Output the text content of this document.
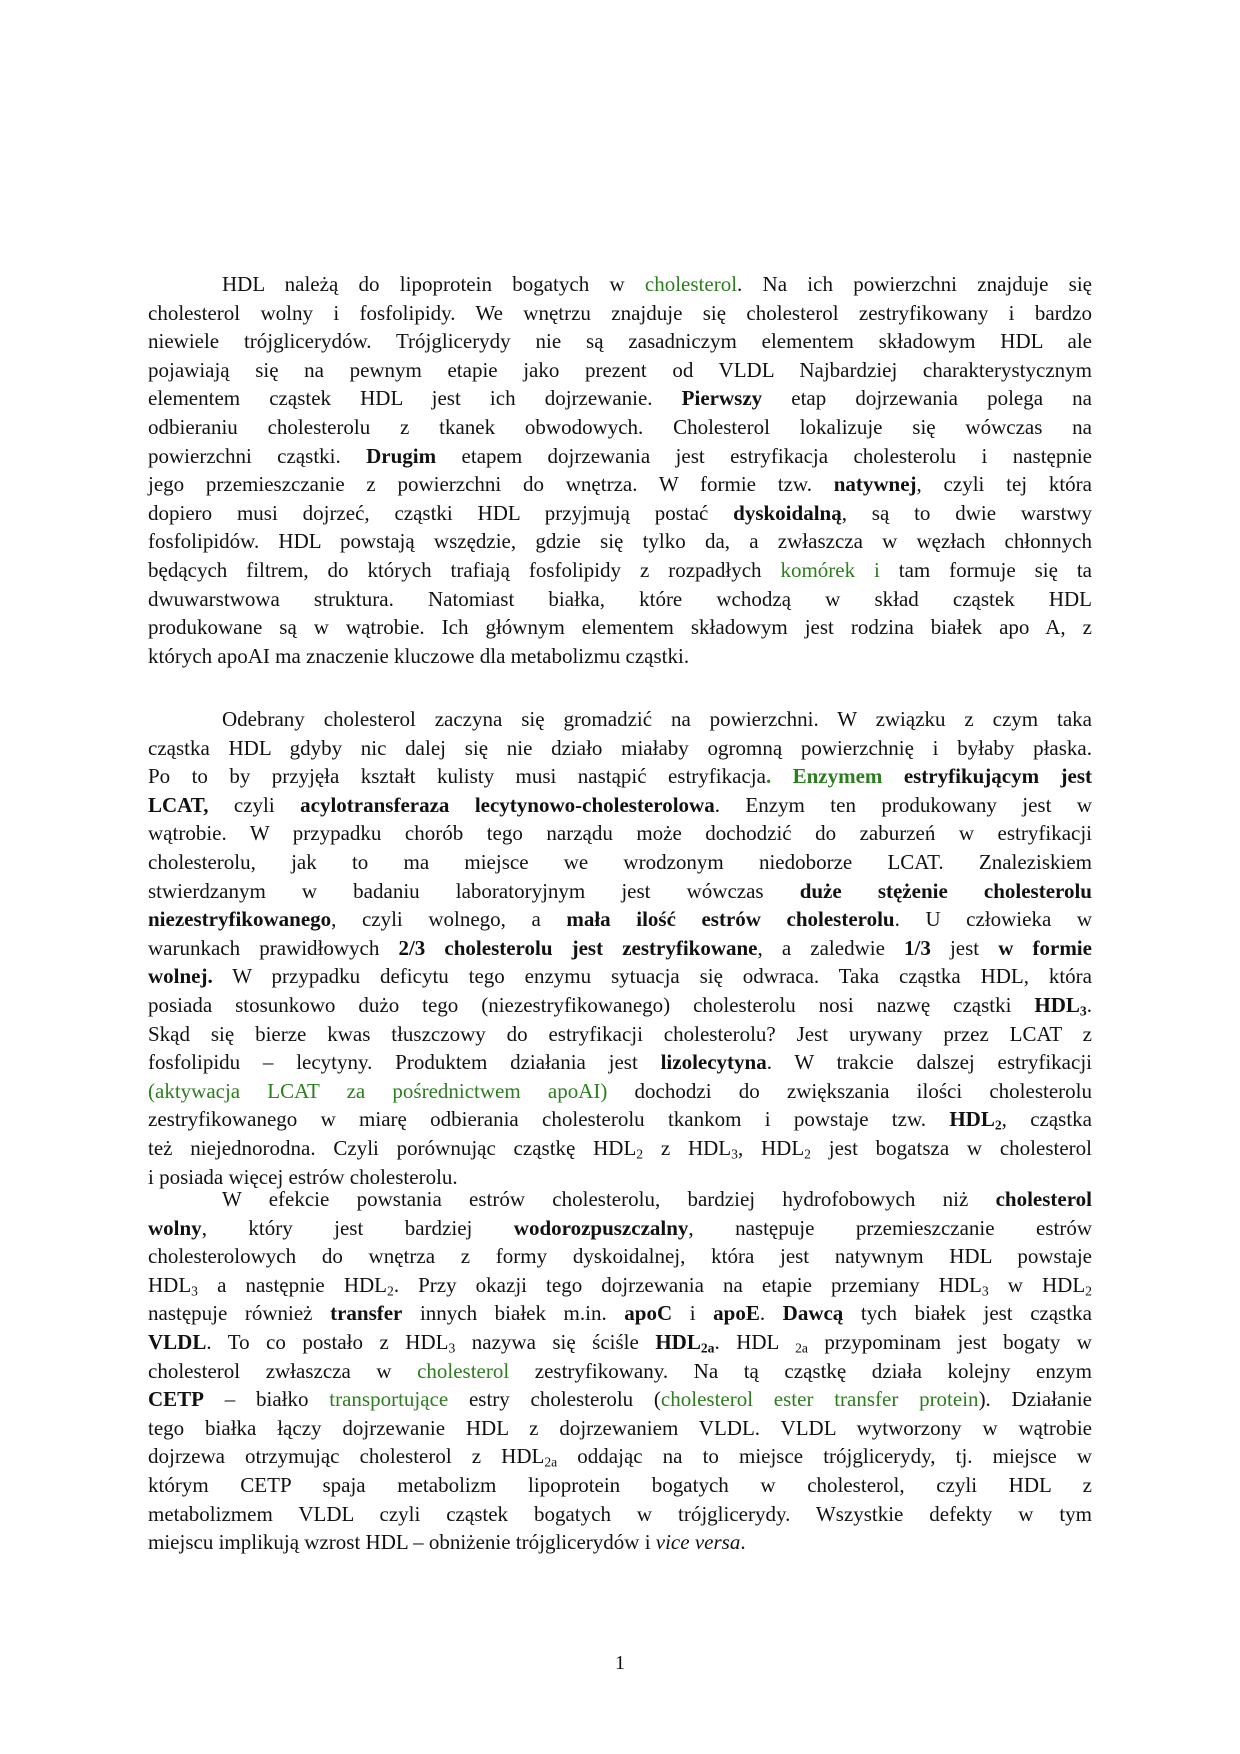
HDL należą do lipoprotein bogatych w cholesterol. Na ich powierzchni znajduje się
cholesterol wolny i fosfolipidy. We wnętrzu znajduje się cholesterol zestryfikowany i bardzo
niewiele trójglicerydów. Trójglicerydy nie są zasadniczym elementem składowym HDL ale
pojawiają się na pewnym etapie jako prezent od VLDL Najbardziej charakterystycznym
elementem cząstek HDL jest ich dojrzewanie. Pierwszy etap dojrzewania polega na
odbieraniu cholesterolu z tkanek obwodowych. Cholesterol lokalizuje się wówczas na
powierzchni cząstki. Drugim etapem dojrzewania jest estryfikacja cholesterolu i następnie
jego przemieszczanie z powierzchni do wnętrza. W formie tzw. natywnej, czyli tej która
dopiero musi dojrzeć, cząstki HDL przyjmują postać dyskoidalną, są to dwie warstwy
fosfolipidów. HDL powstają wszędzie, gdzie się tylko da, a zwłaszcza w węzłach chłonnych
będących filtrem, do których trafiają fosfolipidy z rozpadłych komórek i tam formuje się ta
dwuwarstwowa struktura. Natomiast białka, które wchodzą w skład cząstek HDL
produkowane są w wątrobie. Ich głównym elementem składowym jest rodzina białek apo A, z
których apoAI ma znaczenie kluczowe dla metabolizmu cząstki.
Odebrany cholesterol zaczyna się gromadzić na powierzchni. W związku z czym taka
cząstka HDL gdyby nic dalej się nie działo miałaby ogromną powierzchnię i byłaby płaska.
Po to by przyjęła kształt kulisty musi nastąpić estryfikacja. Enzymem estryfikującym jest
LCAT, czyli acylotransferaza lecytynowo-cholesterolowa. Enzym ten produkowany jest w
wątrobie. W przypadku chorób tego narządu może dochodzić do zaburzeń w estryfikacji
cholesterolu, jak to ma miejsce we wrodzonym niedoborze LCAT. Znaleziskiem
stwierdzanym w badaniu laboratoryjnym jest wówczas duże stężenie cholesterolu
niezestryfikowanego, czyli wolnego, a mała ilość estrów cholesterolu. U człowieka w
warunkach prawidłowych 2/3 cholesterolu jest zestryfikowane, a zaledwie 1/3 jest w formie
wolnej. W przypadku deficytu tego enzymu sytuacja się odwraca. Taka cząstka HDL, która
posiada stosunkowo dużo tego (niezestryfikowanego) cholesterolu nosi nazwę cząstki $HDL_3$.
Skąd się bierze kwas tłuszczowy do estryfikacji cholesterolu? Jest urywany przez LCAT z
fosfolipidu – lecytyny. Produktem działania jest lizolecytyna. W trakcie dalszej estryfikacji
(aktywacja LCAT za pośrednictwem apoAI) dochodzi do zwiększania ilości cholesterolu
zestryfikowanego w miarę odbierania cholesterolu tkankom i powstaje tzw. $HDL_2$, cząstka
też niejednorodna. Czyli porównując cząstkę $HDL_2$ z $HDL_3$, $HDL_2$ jest bogatsza w cholesterol
i posiada więcej estrów cholesterolu.
W efekcie powstania estrów cholesterolu, bardziej hydrofobowych niż cholesterol
wolny, który jest bardziej wodorozpuszczalny, następuje przemieszczanie estrów
cholesterolowych do wnętrza z formy dyskoidalnej, która jest natywnym HDL powstaje
$HDL_3$ a następnie $HDL_2$. Przy okazji tego dojrzewania na etapie przemiany $HDL_3$ w $HDL_2$
następuje również transfer innych białek m.in. apoC i apoE. Dawcą tych białek jest cząstka
VLDL. To co postało z $HDL_3$ nazywa się ściśle $HDL_{2a}$. HDL $_{2a}$ przypominam jest bogaty w
cholesterol zwłaszcza w cholesterol zestryfikowany. Na tą cząstkę działa kolejny enzym
CETP – białko transportujące estry cholesterolu (cholesterol ester transfer protein). Działanie
tego białka łączy dojrzewanie HDL z dojrzewaniem VLDL. VLDL wytworzony w wątrobie
dojrzewa otrzymując cholesterol z $HDL_{2a}$ oddając na to miejsce trójglicerydy, tj. miejsce w
którym CETP spaja metabolizm lipoprotein bogatych w cholesterol, czyli HDL z
metabolizmem VLDL czyli cząstek bogatych w trójglicerydy. Wszystkie defekty w tym
miejscu implikują wzrost HDL – obniżenie trójglicerydów i vice versa.
1
